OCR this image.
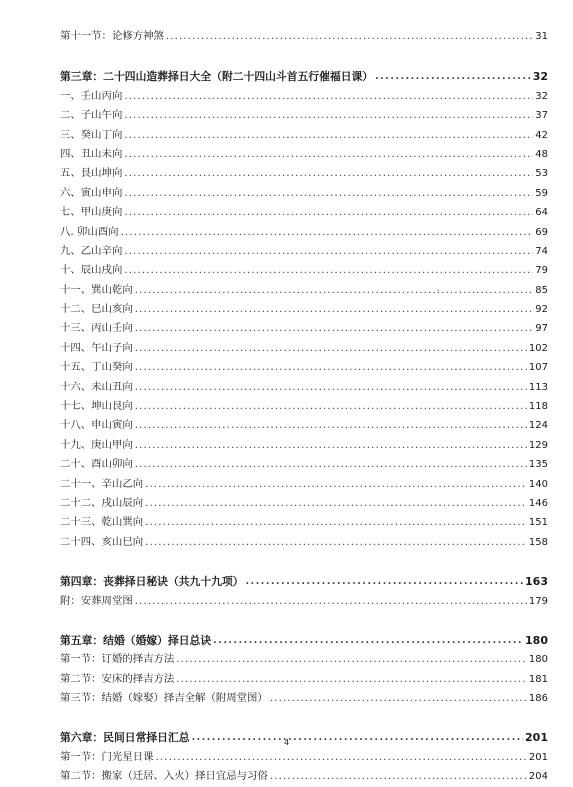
第十一节：论修方神煞 .....	31
第三章：二十四山造葬择日大全（附二十四山斗首五行催福日课） .....	32
一、壬山丙向 .....	32
二、子山午向 .....	37
三、癸山丁向 .....	42
四、丑山未向 .....	48
五、艮山坤向 .....	53
六、寅山申向 .....	59
七、甲山庚向 .....	64
八. 卯山酉向 .....	69
九、乙山辛向 .....	74
十、辰山戌向 .....	79
十一、巽山乾向 .....	85
十二、巳山亥向 .....	92
十三、丙山壬向 .....	97
十四、午山子向 .....	102
十五、丁山癸向 .....	107
十六、未山丑向 .....	113
十七、坤山艮向 .....	118
十八、申山寅向 .....	124
十九、庚山甲向 .....	129
二十、酉山卯向 .....	135
二十一、辛山乙向 .....	140
二十二、戌山辰向 .....	146
二十三、乾山巽向 .....	151
二十四、亥山巳向 .....	158
第四章：丧葬择日秘诀（共九十九项） .....	163
附：安葬周堂图 .....	179
第五章：结婚（婚嫁）择日总诀 .....	180
第一节：订婚的择吉方法 .....	180
第二节：安床的择吉方法 .....	181
第三节：结婚（嫁娶）择吉全解（附周堂图） .....	186
第六章：民间日常择日汇总 .....	201
第一节：门光星日课 .....	201
第二节：搬家（迁居、入火）择日宜忌与习俗 .....	204
4
